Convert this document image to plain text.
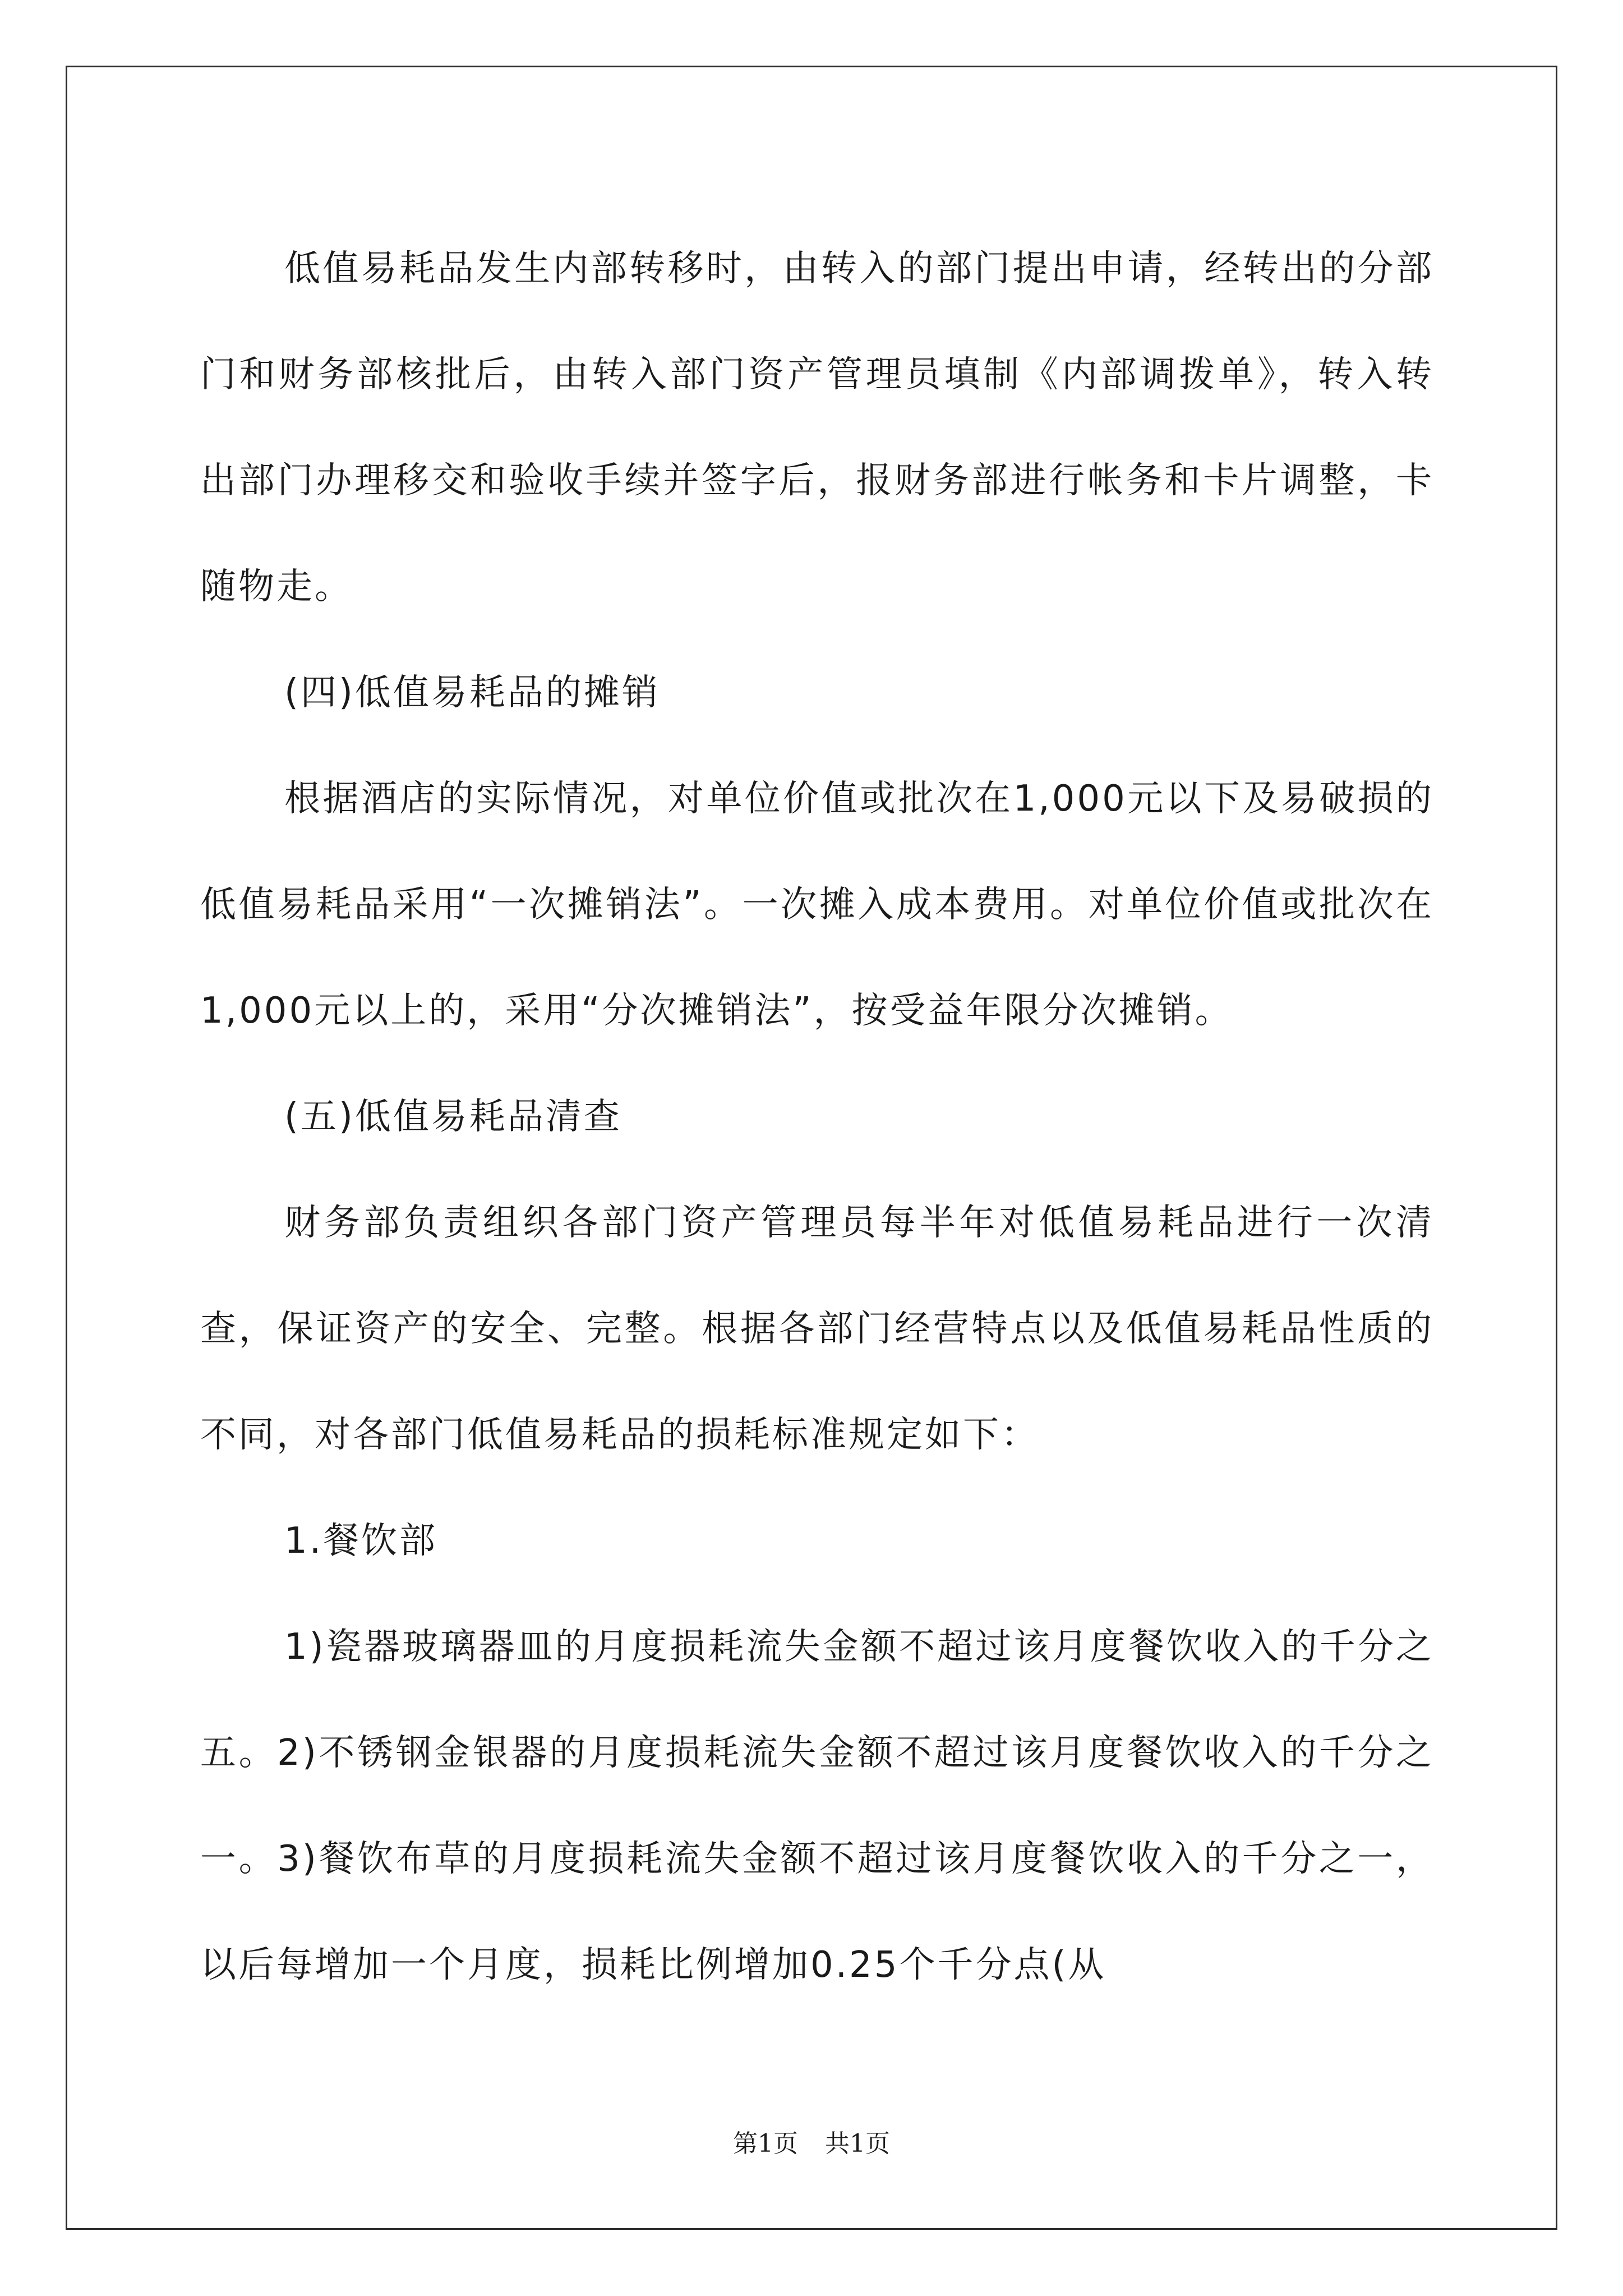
低值易耗品发生内部转移时，由转入的部门提出申请，经转出的分部门和财务部核批后，由转入部门资产管理员填制《内部调拨单》，转入转出部门办理移交和验收手续并签字后，报财务部进行帐务和卡片调整，卡随物走。

(四)低值易耗品的摊销

根据酒店的实际情况，对单位价值或批次在1,000元以下及易破损的低值易耗品采用“一次摊销法”。一次摊入成本费用。对单位价值或批次在1,000元以上的，采用“分次摊销法”，按受益年限分次摊销。

(五)低值易耗品清查

财务部负责组织各部门资产管理员每半年对低值易耗品进行一次清查，保证资产的安全、完整。根据各部门经营特点以及低值易耗品性质的不同，对各部门低值易耗品的损耗标准规定如下：

1.餐饮部

1)瓷器玻璃器皿的月度损耗流失金额不超过该月度餐饮收入的千分之五。2)不锈钢金银器的月度损耗流失金额不超过该月度餐饮收入的千分之一。3)餐饮布草的月度损耗流失金额不超过该月度餐饮收入的千分之一，以后每增加一个月度，损耗比例增加0.25个千分点(从

第1页 共1页
